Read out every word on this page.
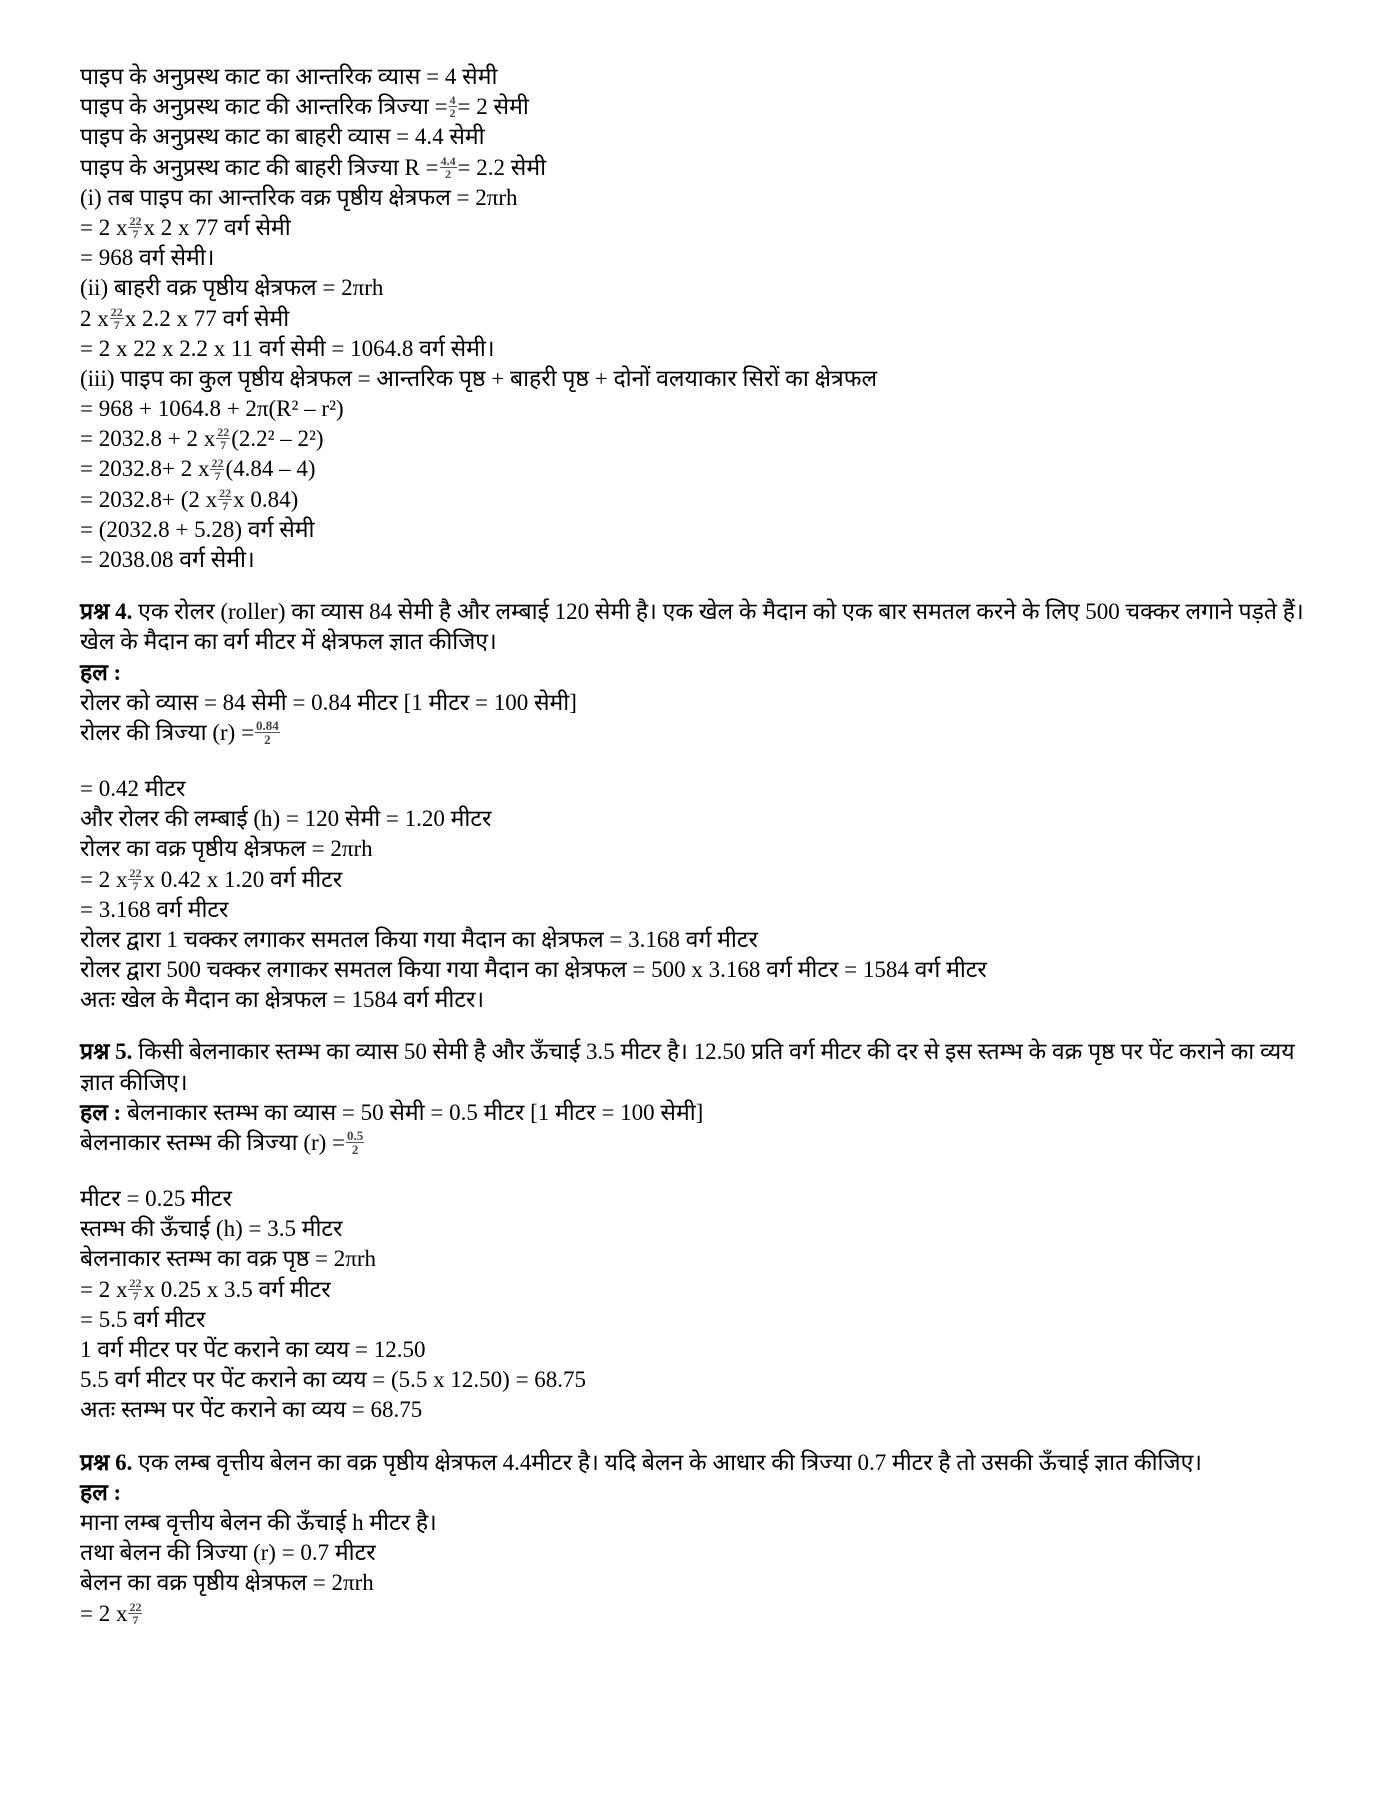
पाइप के अनुप्रस्थ काट का आन्तरिक व्यास = 4 सेमी
पाइप के अनुप्रस्थ काट की आन्तरिक त्रिज्या = $\frac{4}{2} = 2$ सेमी
पाइप के अनुप्रस्थ काट का बाहरी व्यास = 4.4 सेमी
पाइप के अनुप्रस्थ काट की बाहरी त्रिज्या $R = \frac{4.4}{2} = 2.2$ सेमी
(i) तब पाइप का आन्तरिक वक्र पृष्ठीय क्षेत्रफल = 2πrh
= 2 x $\frac{22}{7}$ x 2 x 77 वर्ग सेमी
= 968 वर्ग सेमी।
(ii) बाहरी वक्र पृष्ठीय क्षेत्रफल = 2πrh
2 x $\frac{22}{7}$ x 2.2 x 77 वर्ग सेमी
= 2 x 22 x 2.2 x 11 वर्ग सेमी = 1064.8 वर्ग सेमी।
(iii) पाइप का कुल पृष्ठीय क्षेत्रफल = आन्तरिक पृष्ठ + बाहरी पृष्ठ + दोनों वलयाकार सिरों का क्षेत्रफल
= 968 + 1064.8 + 2π(R² – r²)
= 2032.8 + 2 x $\frac{22}{7} (2.2^2 - 2^2)$
= 2032.8+ 2 x $\frac{22}{7} (4.84 - 4)$
= 2032.8+ (2 x $\frac{22}{7}$ x 0.84)
= (2032.8 + 5.28) वर्ग सेमी
= 2038.08 वर्ग सेमी।
प्रश्न 4. एक रोलर (roller) का व्यास 84 सेमी है और लम्बाई 120 सेमी है। एक खेल के मैदान को एक बार समतल करने के लिए 500 चक्कर लगाने पड़ते हैं। खेल के मैदान का वर्ग मीटर में क्षेत्रफल ज्ञात कीजिए।
हल :
रोलर को व्यास = 84 सेमी = 0.84 मीटर [1 मीटर = 100 सेमी]
रोलर की त्रिज्या $(r) = \frac{0.84}{2}$
= 0.42 मीटर
और रोलर की लम्बाई (h) = 120 सेमी = 1.20 मीटर
रोलर का वक्र पृष्ठीय क्षेत्रफल = 2πrh
= 2 x $\frac{22}{7}$ x 0.42 x 1.20 वर्ग मीटर
= 3.168 वर्ग मीटर
रोलर द्वारा 1 चक्कर लगाकर समतल किया गया मैदान का क्षेत्रफल = 3.168 वर्ग मीटर
रोलर द्वारा 500 चक्कर लगाकर समतल किया गया मैदान का क्षेत्रफल = 500 x 3.168 वर्ग मीटर = 1584 वर्ग मीटर
अतः खेल के मैदान का क्षेत्रफल = 1584 वर्ग मीटर।
प्रश्न 5. किसी बेलनाकार स्तम्भ का व्यास 50 सेमी है और ऊँचाई 3.5 मीटर है। 12.50 प्रति वर्ग मीटर की दर से इस स्तम्भ के वक्र पृष्ठ पर पेंट कराने का व्यय ज्ञात कीजिए।
हल : बेलनाकार स्तम्भ का व्यास = 50 सेमी = 0.5 मीटर [1 मीटर = 100 सेमी]
बेलनाकार स्तम्भ की त्रिज्या $(r) = \frac{0.5}{2}$
मीटर = 0.25 मीटर
स्तम्भ की ऊँचाई (h) = 3.5 मीटर
बेलनाकार स्तम्भ का वक्र पृष्ठ = 2πrh
= 2 x $\frac{22}{7}$ x 0.25 x 3.5 वर्ग मीटर
= 5.5 वर्ग मीटर
1 वर्ग मीटर पर पेंट कराने का व्यय = 12.50
5.5 वर्ग मीटर पर पेंट कराने का व्यय = (5.5 x 12.50) = 68.75
अतः स्तम्भ पर पेंट कराने का व्यय = 68.75
प्रश्न 6. एक लम्ब वृत्तीय बेलन का वक्र पृष्ठीय क्षेत्रफल 4.4मीटर है। यदि बेलन के आधार की त्रिज्या 0.7 मीटर है तो उसकी ऊँचाई ज्ञात कीजिए।
हल :
माना लम्ब वृत्तीय बेलन की ऊँचाई h मीटर है।
तथा बेलन की त्रिज्या (r) = 0.7 मीटर
बेलन का वक्र पृष्ठीय क्षेत्रफल = 2πrh
= 2 x $\frac{22}{7}$
